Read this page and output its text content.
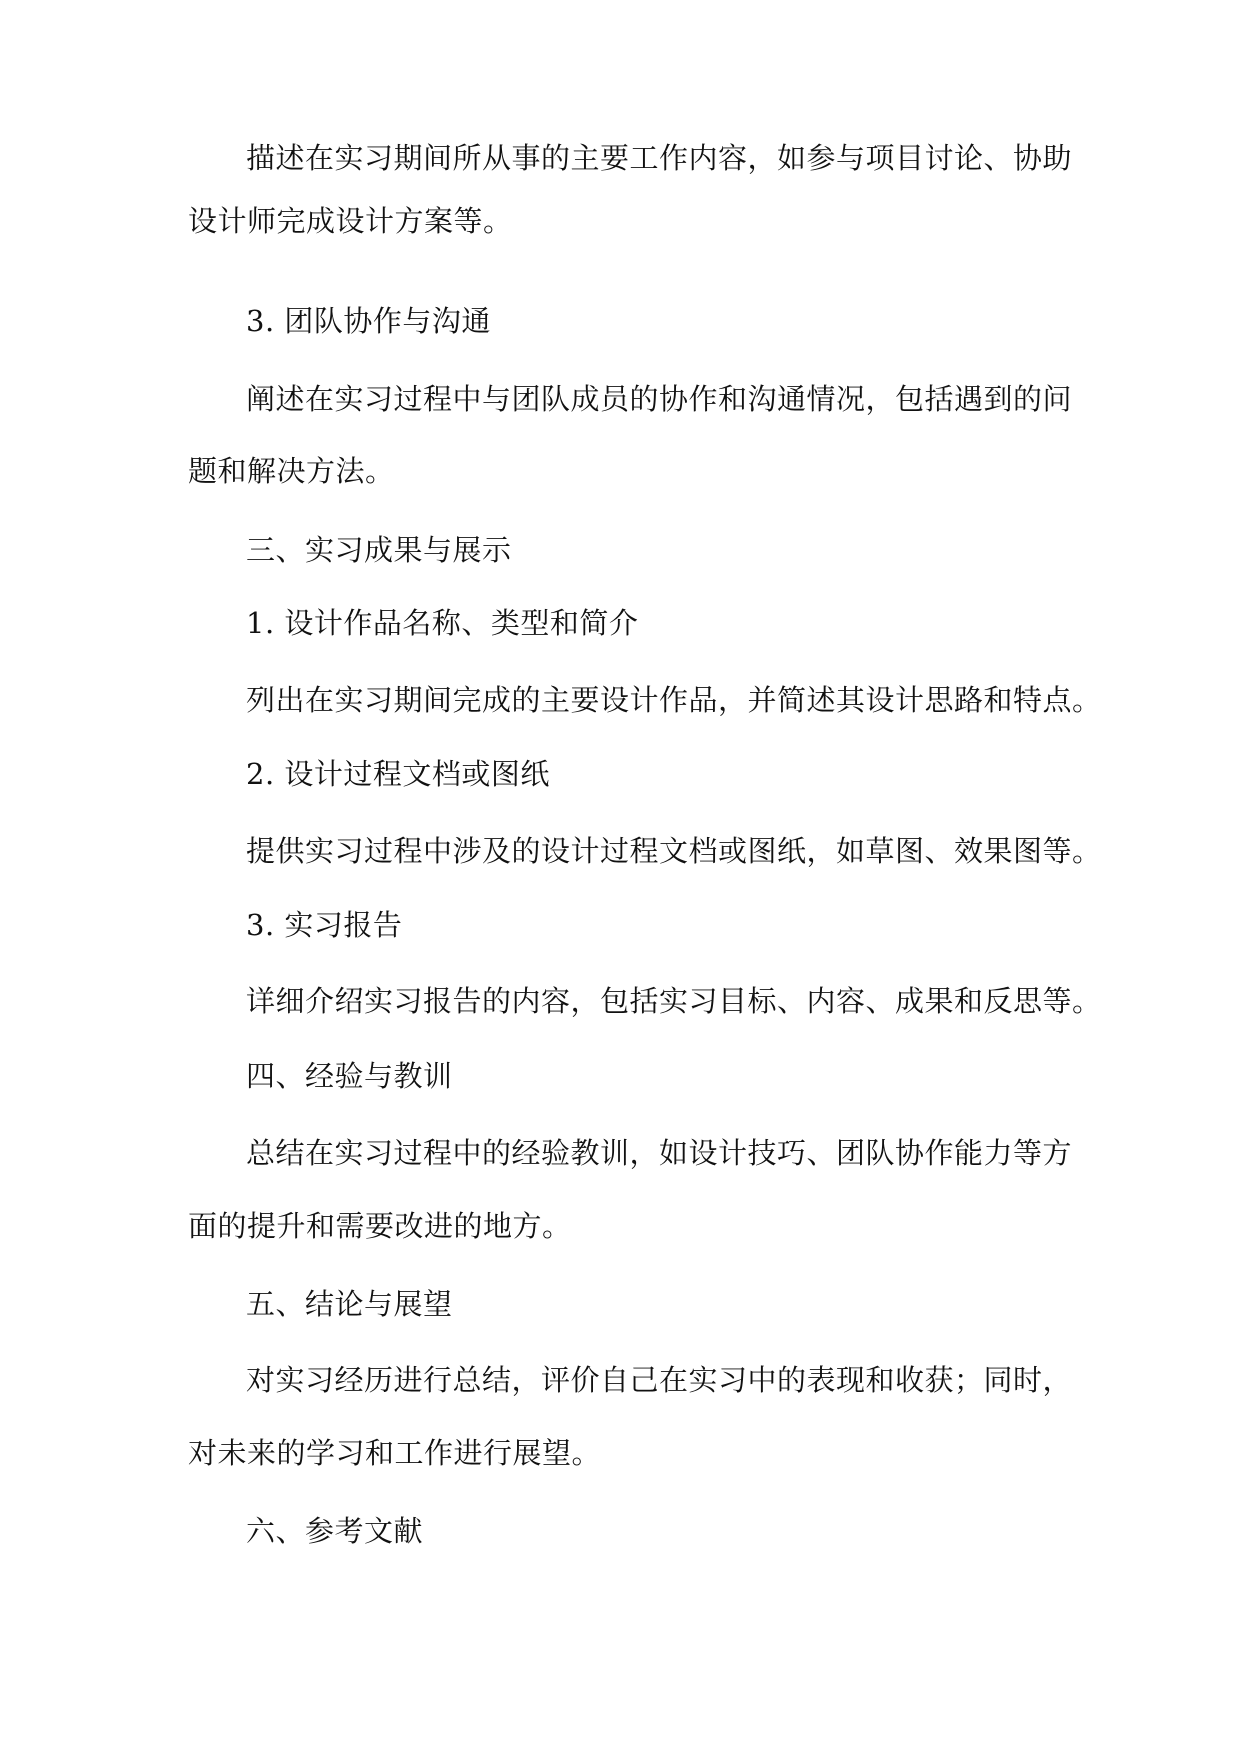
描述在实习期间所从事的主要工作内容，如参与项目讨论、协助

设计师完成设计方案等。

3. 团队协作与沟通

阐述在实习过程中与团队成员的协作和沟通情况，包括遇到的问

题和解决方法。

三、实习成果与展示

1. 设计作品名称、类型和简介

列出在实习期间完成的主要设计作品，并简述其设计思路和特点。

2. 设计过程文档或图纸

提供实习过程中涉及的设计过程文档或图纸，如草图、效果图等。

3. 实习报告

详细介绍实习报告的内容，包括实习目标、内容、成果和反思等。

四、经验与教训

总结在实习过程中的经验教训，如设计技巧、团队协作能力等方

面的提升和需要改进的地方。

五、结论与展望

对实习经历进行总结，评价自己在实习中的表现和收获；同时，

对未来的学习和工作进行展望。

六、参考文献
